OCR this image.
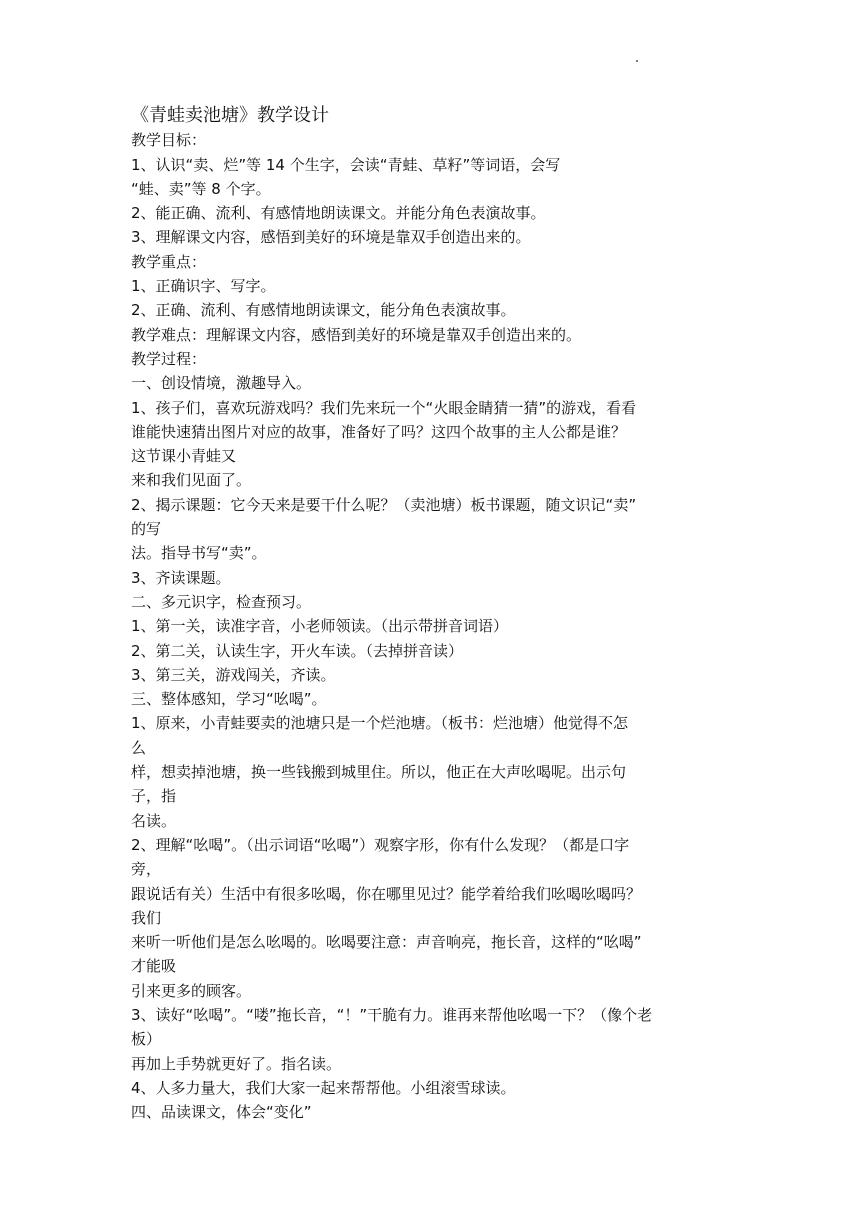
《青蛙卖池塘》教学设计
教学目标：
1、认识“卖、烂”等 14 个生字，会读“青蛙、草籽”等词语，会写
“蛙、卖”等 8 个字。
2、能正确、流利、有感情地朗读课文。并能分角色表演故事。
3、理解课文内容，感悟到美好的环境是靠双手创造出来的。
教学重点：
1、正确识字、写字。
2、正确、流利、有感情地朗读课文，能分角色表演故事。
教学难点：理解课文内容，感悟到美好的环境是靠双手创造出来的。
教学过程：
一、创设情境，激趣导入。
1、孩子们，喜欢玩游戏吗？我们先来玩一个“火眼金睛猜一猜”的游戏，看看
谁能快速猜出图片对应的故事，准备好了吗？这四个故事的主人公都是谁？
这节课小青蛙又
来和我们见面了。
2、揭示课题：它今天来是要干什么呢？（卖池塘）板书课题，随文识记“卖”
的写
法。指导书写“卖”。
3、齐读课题。
二、多元识字，检查预习。
1、第一关，读准字音，小老师领读。（出示带拼音词语）
2、第二关，认读生字，开火车读。（去掉拼音读）
3、第三关，游戏闯关，齐读。
三、整体感知，学习“吆喝”。
1、原来，小青蛙要卖的池塘只是一个烂池塘。（板书：烂池塘）他觉得不怎
么
样，想卖掉池塘，换一些钱搬到城里住。所以，他正在大声吆喝呢。出示句
子，指
名读。
2、理解“吆喝”。（出示词语“吆喝”）观察字形，你有什么发现？（都是口字
旁，
跟说话有关）生活中有很多吆喝，你在哪里见过？能学着给我们吆喝吆喝吗？
我们
来听一听他们是怎么吆喝的。吆喝要注意：声音响亮，拖长音，这样的“吆喝”
才能吸
引来更多的顾客。
3、读好“吆喝”。“喽”拖长音，“！”干脆有力。谁再来帮他吆喝一下？（像个老
板）
再加上手势就更好了。指名读。
4、人多力量大，我们大家一起来帮帮他。小组滚雪球读。
四、品读课文，体会“变化”
